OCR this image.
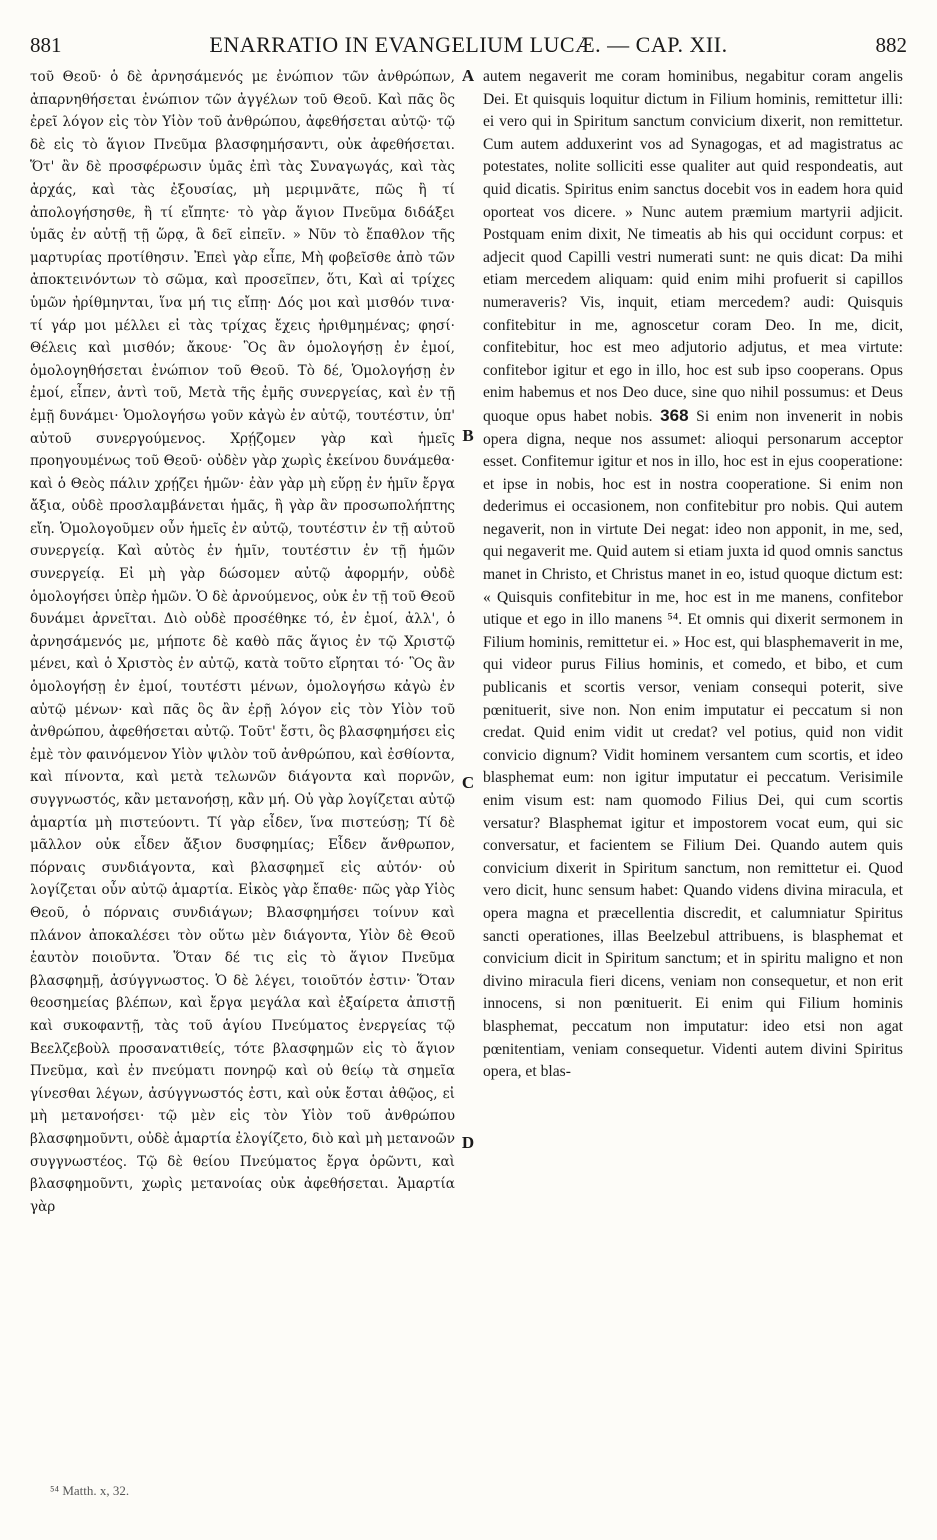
881	ENARRATIO IN EVANGELIUM LUCÆ. — CAP. XII.	882

τοῦ Θεοῦ· ὁ δὲ ἀρνησάμενός με ἐνώπιον τῶν ἀνθρώπων, ἀπαρνηθήσεται ἐνώπιον τῶν ἀγγέλων τοῦ Θεοῦ. Καὶ πᾶς ὃς ἐρεῖ λόγον εἰς τὸν Υἱὸν τοῦ ἀνθρώπου, ἀφεθήσεται αὐτῷ· τῷ δὲ εἰς τὸ ἅγιον Πνεῦμα βλασφημήσαντι, οὐκ ἀφεθήσεται. Ὅτ' ἂν δὲ προσφέρωσιν ὑμᾶς ἐπὶ τὰς Συναγωγάς, καὶ τὰς ἀρχάς, καὶ τὰς ἐξουσίας, μὴ μεριμνᾶτε, πῶς ἢ τί ἀπολογήσησθε, ἢ τί εἴπητε· τὸ γὰρ ἅγιον Πνεῦμα διδάξει ὑμᾶς ἐν αὐτῇ τῇ ὥρᾳ, ἃ δεῖ εἰπεῖν. » Νῦν τὸ ἔπαθλον τῆς μαρτυρίας προτίθησιν. Ἐπεὶ γὰρ εἶπε, Μὴ φοβεῖσθε ἀπὸ τῶν ἀποκτεινόντων τὸ σῶμα, καὶ προσεῖπεν, ὅτι, Καὶ αἱ τρίχες ὑμῶν ἠρίθμηνται, ἵνα μή τις εἴπῃ· Δός μοι καὶ μισθόν τινα· τί γάρ μοι μέλλει εἰ τὰς τρίχας ἔχεις ἠριθμημένας; φησί· Θέλεις καὶ μισθόν; ἄκουε· Ὃς ἂν ὁμολογήσῃ ἐν ἐμοί, ὁμολογηθήσεται ἐνώπιον τοῦ Θεοῦ. Τὸ δέ, Ὁμολογήσῃ ἐν ἐμοί, εἶπεν, ἀντὶ τοῦ, Μετὰ τῆς ἐμῆς συνεργείας, καὶ ἐν τῇ ἐμῇ δυνάμει· Ὁμολογήσω γοῦν κἀγὼ ἐν αὐτῷ, τουτέστιν, ὑπ' αὐτοῦ συνεργούμενος. Χρῄζομεν γὰρ καὶ ἡμεῖς προηγουμένως τοῦ Θεοῦ· οὐδὲν γὰρ χωρὶς ἐκείνου δυνάμεθα· καὶ ὁ Θεὸς πάλιν χρῄζει ἡμῶν· ἐὰν γὰρ μὴ εὕρῃ ἐν ἡμῖν ἔργα ἄξια, οὐδὲ προσλαμβάνεται ἡμᾶς, ἢ γὰρ ἂν προσωπολήπτης εἴη. Ὁμολογοῦμεν οὖν ἡμεῖς ἐν αὐτῷ, τουτέστιν ἐν τῇ αὐτοῦ συνεργείᾳ. Καὶ αὐτὸς ἐν ἡμῖν, τουτέστιν ἐν τῇ ἡμῶν συνεργείᾳ. Εἰ μὴ γὰρ δώσομεν αὐτῷ ἀφορμήν, οὐδὲ ὁμολογήσει ὑπὲρ ἡμῶν. Ὁ δὲ ἀρνούμενος, οὐκ ἐν τῇ τοῦ Θεοῦ δυνάμει ἀρνεῖται. Διὸ οὐδὲ προσέθηκε τό, ἐν ἐμοί, ἀλλ', ὁ ἀρνησάμενός με, μήποτε δὲ καθὸ πᾶς ἅγιος ἐν τῷ Χριστῷ μένει, καὶ ὁ Χριστὸς ἐν αὐτῷ, κατὰ τοῦτο εἴρηται τό· Ὃς ἂν ὁμολογήσῃ ἐν ἐμοί, τουτέστι μένων, ὁμολογήσω κἀγὼ ἐν αὐτῷ μένων· καὶ πᾶς ὃς ἂν ἐρῇ λόγον εἰς τὸν Υἱὸν τοῦ ἀνθρώπου, ἀφεθήσεται αὐτῷ. Τοῦτ' ἔστι, ὃς βλασφημήσει εἰς ἐμὲ τὸν φαινόμενον Υἱὸν ψιλὸν τοῦ ἀνθρώπου, καὶ ἐσθίοντα, καὶ πίνοντα, καὶ μετὰ τελωνῶν διάγοντα καὶ πορνῶν, συγγνωστός, κἂν μετανοήσῃ, κἂν μή. Οὐ γὰρ λογίζεται αὐτῷ ἁμαρτία μὴ πιστεύοντι. Τί γὰρ εἶδεν, ἵνα πιστεύσῃ; Τί δὲ μᾶλλον οὐκ εἶδεν ἄξιον δυσφημίας; Εἶδεν ἄνθρωπον, πόρναις συνδιάγοντα, καὶ βλασφημεῖ εἰς αὐτόν· οὐ λογίζεται οὖν αὐτῷ ἁμαρτία. Εἰκὸς γὰρ ἔπαθε· πῶς γὰρ Υἱὸς Θεοῦ, ὁ πόρναις συνδιάγων; Βλασφημήσει τοίνυν καὶ πλάνον ἀποκαλέσει τὸν οὕτω μὲν διάγοντα, Υἱὸν δὲ Θεοῦ ἑαυτὸν ποιοῦντα. Ὅταν δέ τις εἰς τὸ ἅγιον Πνεῦμα βλασφημῇ, ἀσύγγνωστος. Ὁ δὲ λέγει, τοιοῦτόν ἐστιν· Ὅταν θεοσημείας βλέπων, καὶ ἔργα μεγάλα καὶ ἐξαίρετα ἀπιστῇ καὶ συκοφαντῇ, τὰς τοῦ ἁγίου Πνεύματος ἐνεργείας τῷ Βεελζεβοὺλ προσανατιθείς, τότε βλασφημῶν εἰς τὸ ἅγιον Πνεῦμα, καὶ ἐν πνεύματι πονηρῷ καὶ οὐ θείῳ τὰ σημεῖα γίνεσθαι λέγων, ἀσύγγνωστός ἐστι, καὶ οὐκ ἔσται ἀθῷος, εἰ μὴ μετανοήσει· τῷ μὲν εἰς τὸν Υἱὸν τοῦ ἀνθρώπου βλασφημοῦντι, οὐδὲ ἁμαρτία ἐλογίζετο, διὸ καὶ μὴ μετανοῶν συγγνωστέος. Τῷ δὲ θείου Πνεύματος ἔργα ὁρῶντι, καὶ βλασφημοῦντι, χωρὶς μετανοίας οὐκ ἀφεθήσεται. Ἁμαρτία γὰρ

A
B
C
D

autem negaverit me coram hominibus, negabitur coram angelis Dei. Et quisquis loquitur dictum in Filium hominis, remittetur illi: ei vero qui in Spiritum sanctum convicium dixerit, non remittetur. Cum autem adduxerint vos ad Synagogas, et ad magistratus ac potestates, nolite solliciti esse qualiter aut quid respondeatis, aut quid dicatis. Spiritus enim sanctus docebit vos in eadem hora quid oporteat vos dicere. » Nunc autem præmium martyrii adjicit. Postquam enim dixit, Ne timeatis ab his qui occidunt corpus: et adjecit quod Capilli vestri numerati sunt: ne quis dicat: Da mihi etiam mercedem aliquam: quid enim mihi profuerit si capillos numeraveris? Vis, inquit, etiam mercedem? audi: Quisquis confitebitur in me, agnoscetur coram Deo. In me, dicit, confitebitur, hoc est meo adjutorio adjutus, et mea virtute: confitebor igitur et ego in illo, hoc est sub ipso cooperans. Opus enim habemus et nos Deo duce, sine quo nihil possumus: et Deus quoque opus habet nobis. 368 Si enim non invenerit in nobis opera digna, neque nos assumet: alioqui personarum acceptor esset. Confitemur igitur et nos in illo, hoc est in ejus cooperatione: et ipse in nobis, hoc est in nostra cooperatione. Si enim non dederimus ei occasionem, non confitebitur pro nobis. Qui autem negaverit, non in virtute Dei negat: ideo non apponit, in me, sed, qui negaverit me. Quid autem si etiam juxta id quod omnis sanctus manet in Christo, et Christus manet in eo, istud quoque dictum est: « Quisquis confitebitur in me, hoc est in me manens, confitebor utique et ego in illo manens ⁵⁴. Et omnis qui dixerit sermonem in Filium hominis, remittetur ei. » Hoc est, qui blasphemaverit in me, qui videor purus Filius hominis, et comedo, et bibo, et cum publicanis et scortis versor, veniam consequi poterit, sive pœnituerit, sive non. Non enim imputatur ei peccatum si non credat. Quid enim vidit ut credat? vel potius, quid non vidit convicio dignum? Vidit hominem versantem cum scortis, et ideo blasphemat eum: non igitur imputatur ei peccatum. Verisimile enim visum est: nam quomodo Filius Dei, qui cum scortis versatur? Blasphemat igitur et impostorem vocat eum, qui sic conversatur, et facientem se Filium Dei. Quando autem quis convicium dixerit in Spiritum sanctum, non remittetur ei. Quod vero dicit, hunc sensum habet: Quando videns divina miracula, et opera magna et præcellentia discredit, et calumniatur Spiritus sancti operationes, illas Beelzebul attribuens, is blasphemat et convicium dicit in Spiritum sanctum; et in spiritu maligno et non divino miracula fieri dicens, veniam non consequetur, et non erit innocens, si non pœnituerit. Ei enim qui Filium hominis blasphemat, peccatum non imputatur: ideo etsi non agat pœnitentiam, veniam consequetur. Videnti autem divini Spiritus opera, et blas-

⁵⁴ Matth. x, 32.
